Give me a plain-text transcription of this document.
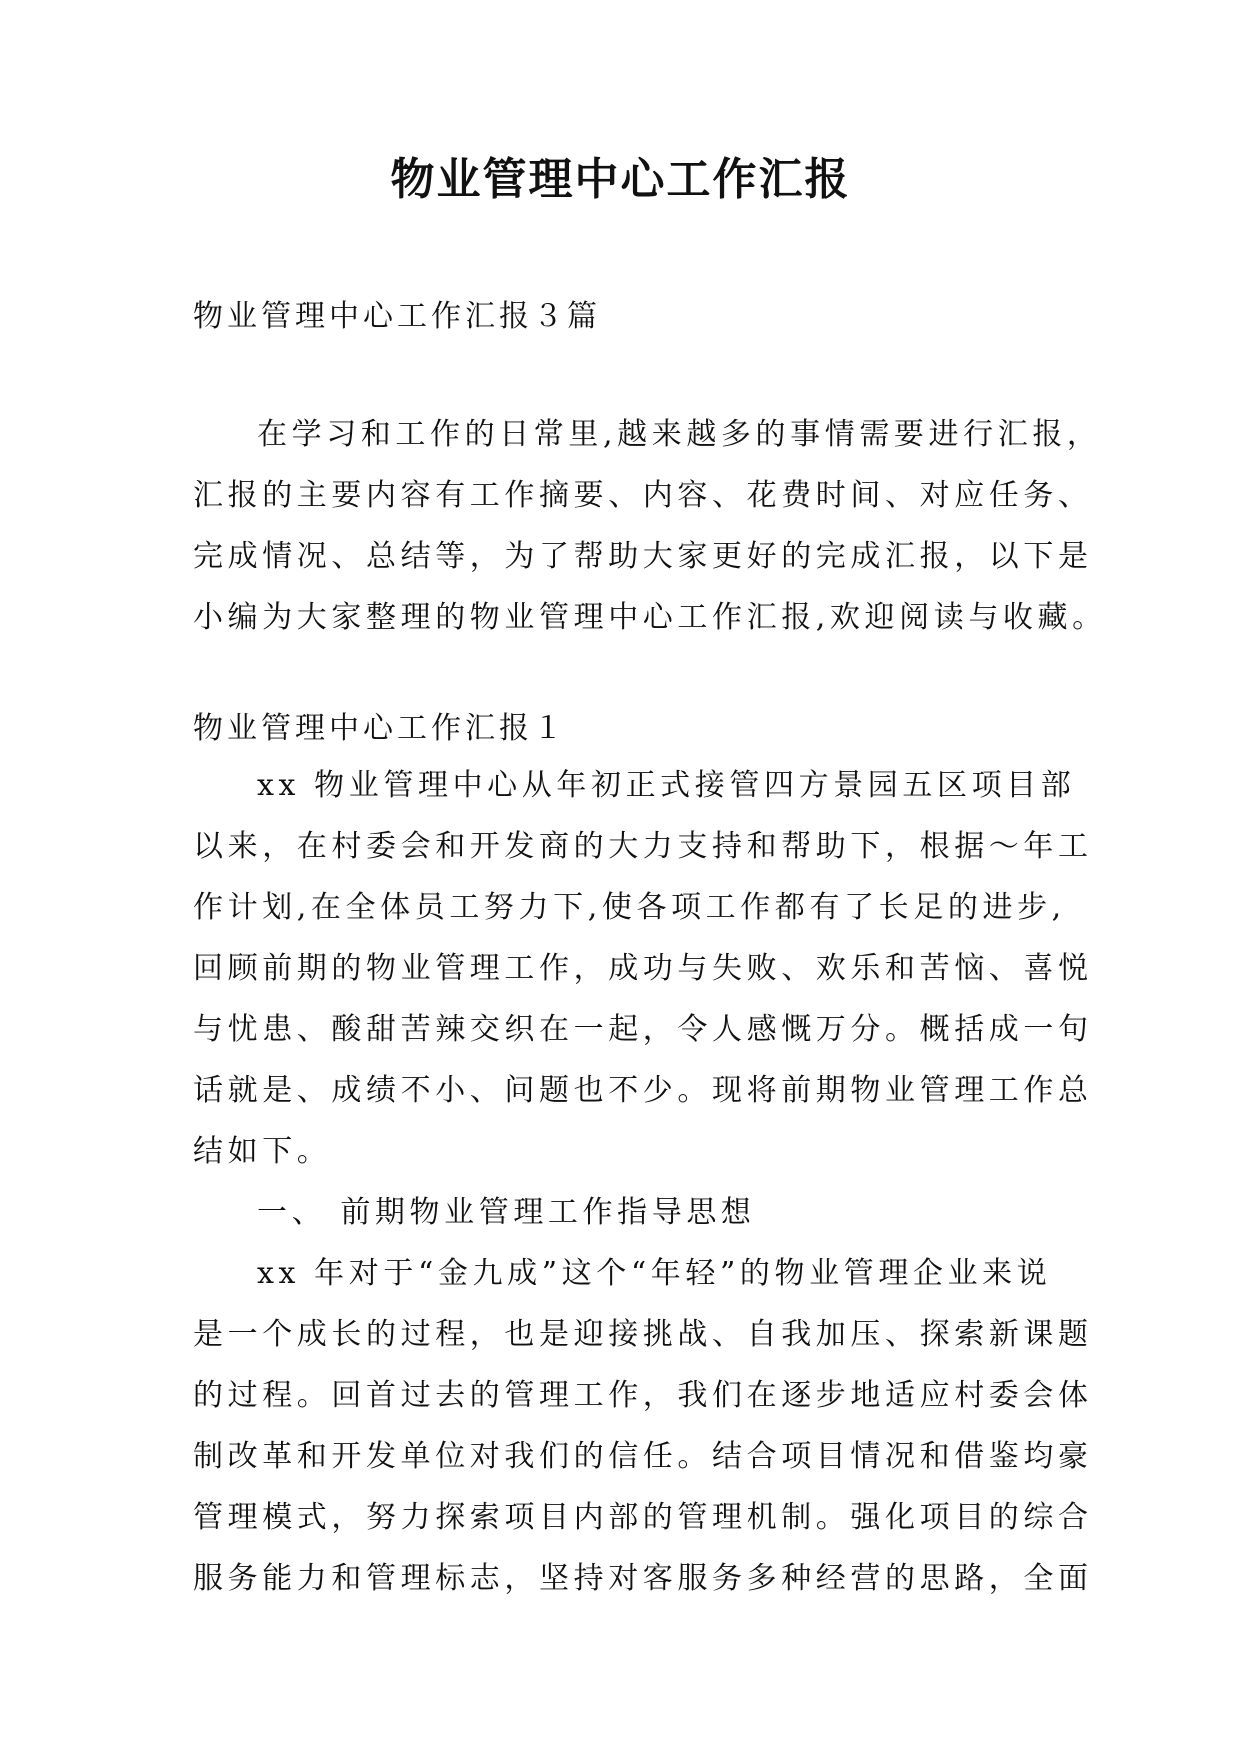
物业管理中心工作汇报

物业管理中心工作汇报３篇

在学习和工作的日常里,越来越多的事情需要进行汇报，
汇报的主要内容有工作摘要、内容、花费时间、对应任务、
完成情况、总结等，为了帮助大家更好的完成汇报，以下是
小编为大家整理的物业管理中心工作汇报,欢迎阅读与收藏。

物业管理中心工作汇报１

xx 物业管理中心从年初正式接管四方景园五区项目部
以来，在村委会和开发商的大力支持和帮助下，根据～年工
作计划,在全体员工努力下,使各项工作都有了长足的进步,
回顾前期的物业管理工作，成功与失败、欢乐和苦恼、喜悦
与忧患、酸甜苦辣交织在一起，令人感慨万分。概括成一句
话就是、成绩不小、问题也不少。现将前期物业管理工作总
结如下。
一、 前期物业管理工作指导思想
xx 年对于“金九成”这个“年轻”的物业管理企业来说
是一个成长的过程，也是迎接挑战、自我加压、探索新课题
的过程。回首过去的管理工作，我们在逐步地适应村委会体
制改革和开发单位对我们的信任。结合项目情况和借鉴均豪
管理模式，努力探索项目内部的管理机制。强化项目的综合
服务能力和管理标志，坚持对客服务多种经营的思路，全面
